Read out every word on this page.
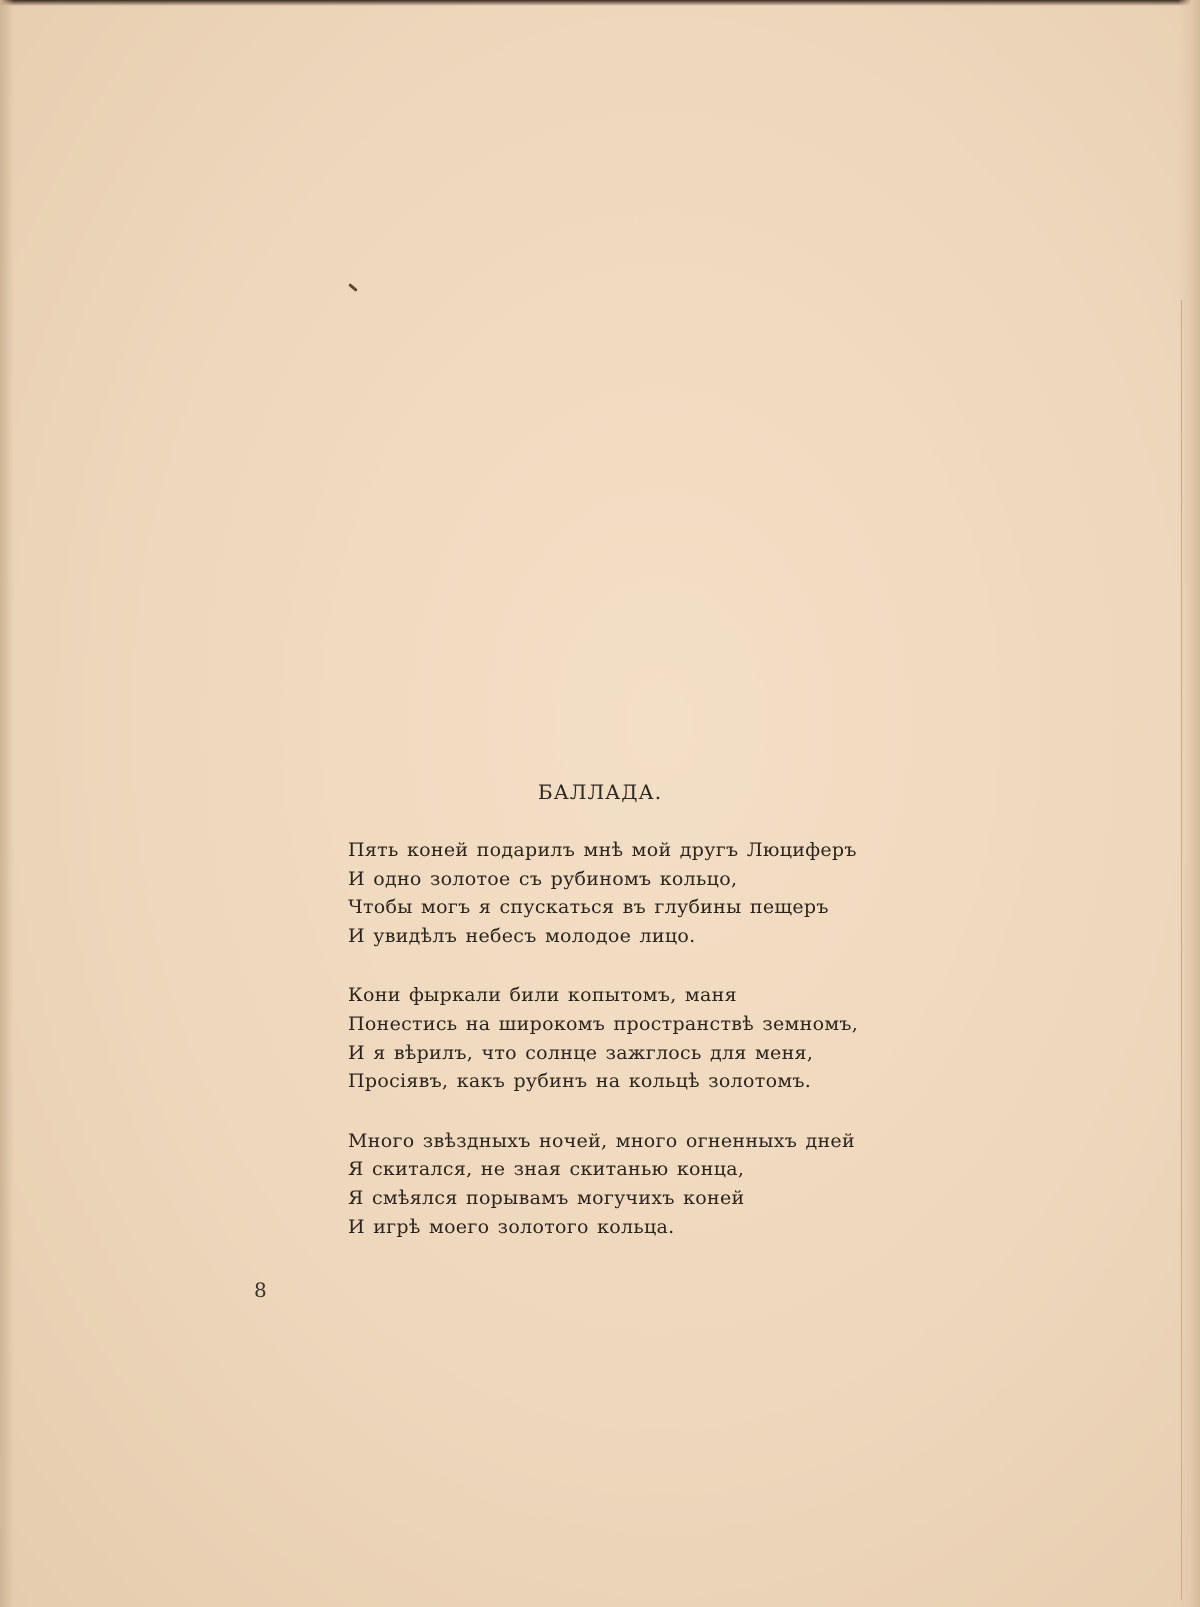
БАЛЛАДА.
Пять коней подарилъ мнѣ мой другъ Люциферъ
И одно золотое съ рубиномъ кольцо,
Чтобы могъ я спускаться въ глубины пещеръ
И увидѣлъ небесъ молодое лицо.
Кони фыркали били копытомъ, маня
Понестись на широкомъ пространствѣ земномъ,
И я вѣрилъ, что солнце зажглось для меня,
Просіявъ, какъ рубинъ на кольцѣ золотомъ.
Много звѣздныхъ ночей, много огненныхъ дней
Я скитался, не зная скитанью конца,
Я смѣялся порывамъ могучихъ коней
И игрѣ моего золотого кольца.
8
